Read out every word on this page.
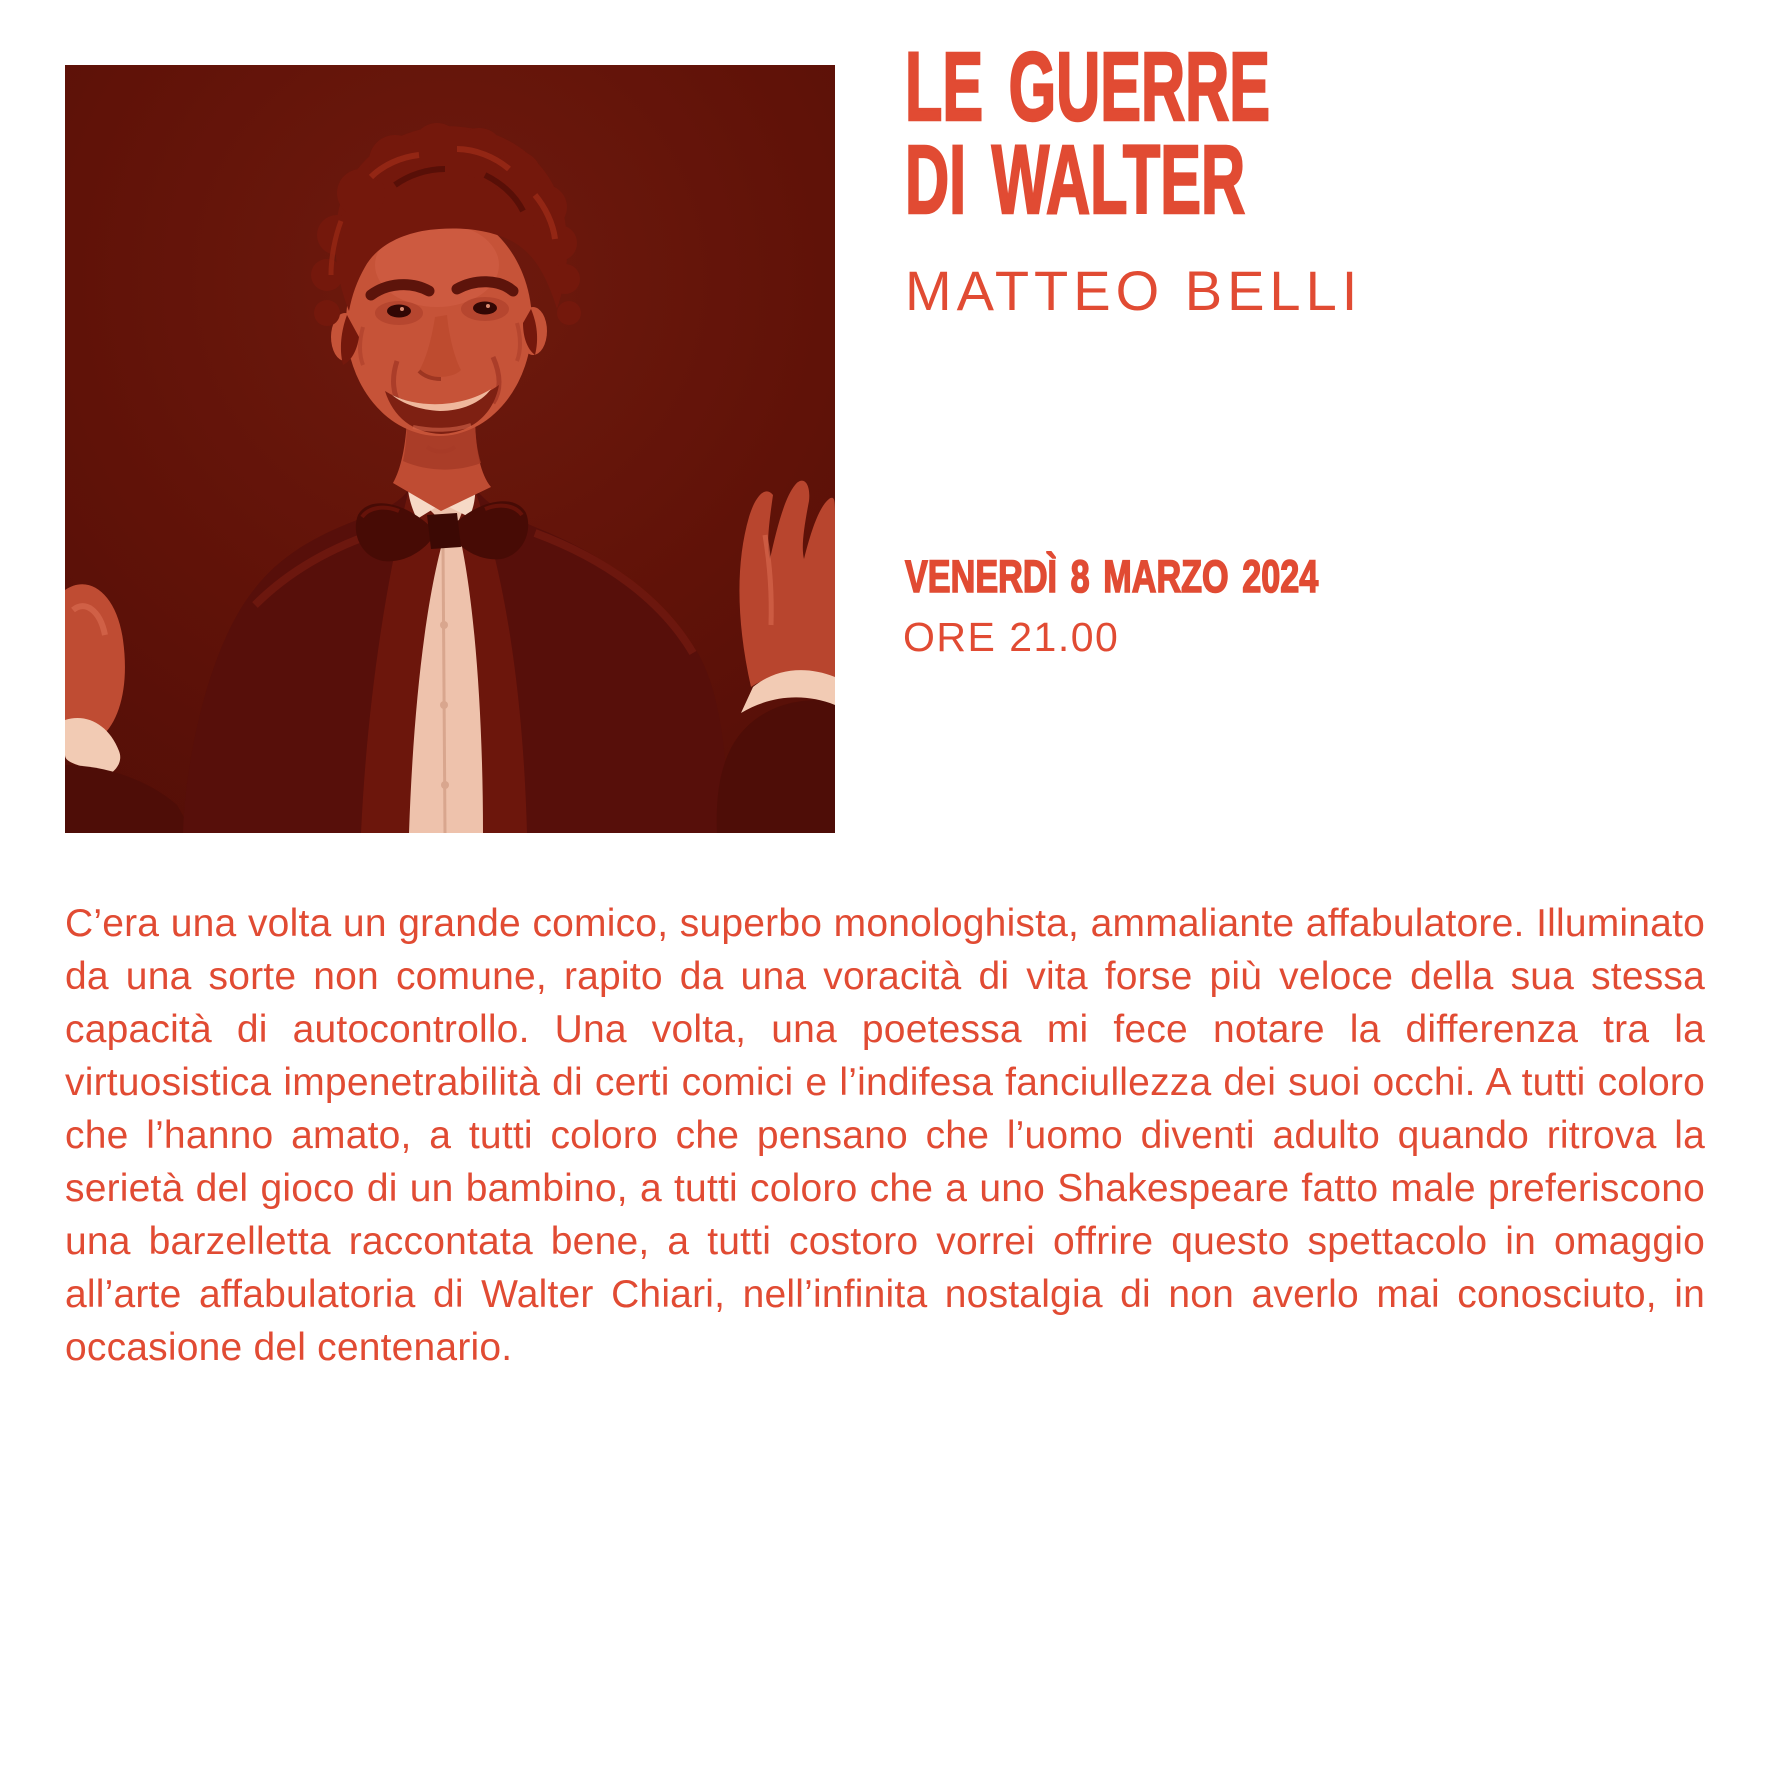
LE GUERRE
DI WALTER
MATTEO BELLI
VENERDÌ 8 MARZO 2024
ORE 21.00
C’era una volta un grande comico, superbo monologhista, ammaliante affabulatore. Illuminato da una sorte non comune, rapito da una voracità di vita forse più veloce della sua stessa capacità di autocontrollo. Una volta, una poetessa mi fece notare la differenza tra la virtuosistica impenetrabilità di certi comici e l’indifesa fanciullezza dei suoi occhi. A tutti coloro che l’hanno amato, a tutti coloro che pensano che l’uomo diventi adulto quando ritrova la serietà del gioco di un bambino, a tutti coloro che a uno Shakespeare fatto male preferiscono una barzelletta raccontata bene, a tutti costoro vorrei offrire questo spettacolo in omaggio all’arte affabulatoria di Walter Chiari, nell’infinita nostalgia di non averlo mai conosciuto, in occasione del centenario.
